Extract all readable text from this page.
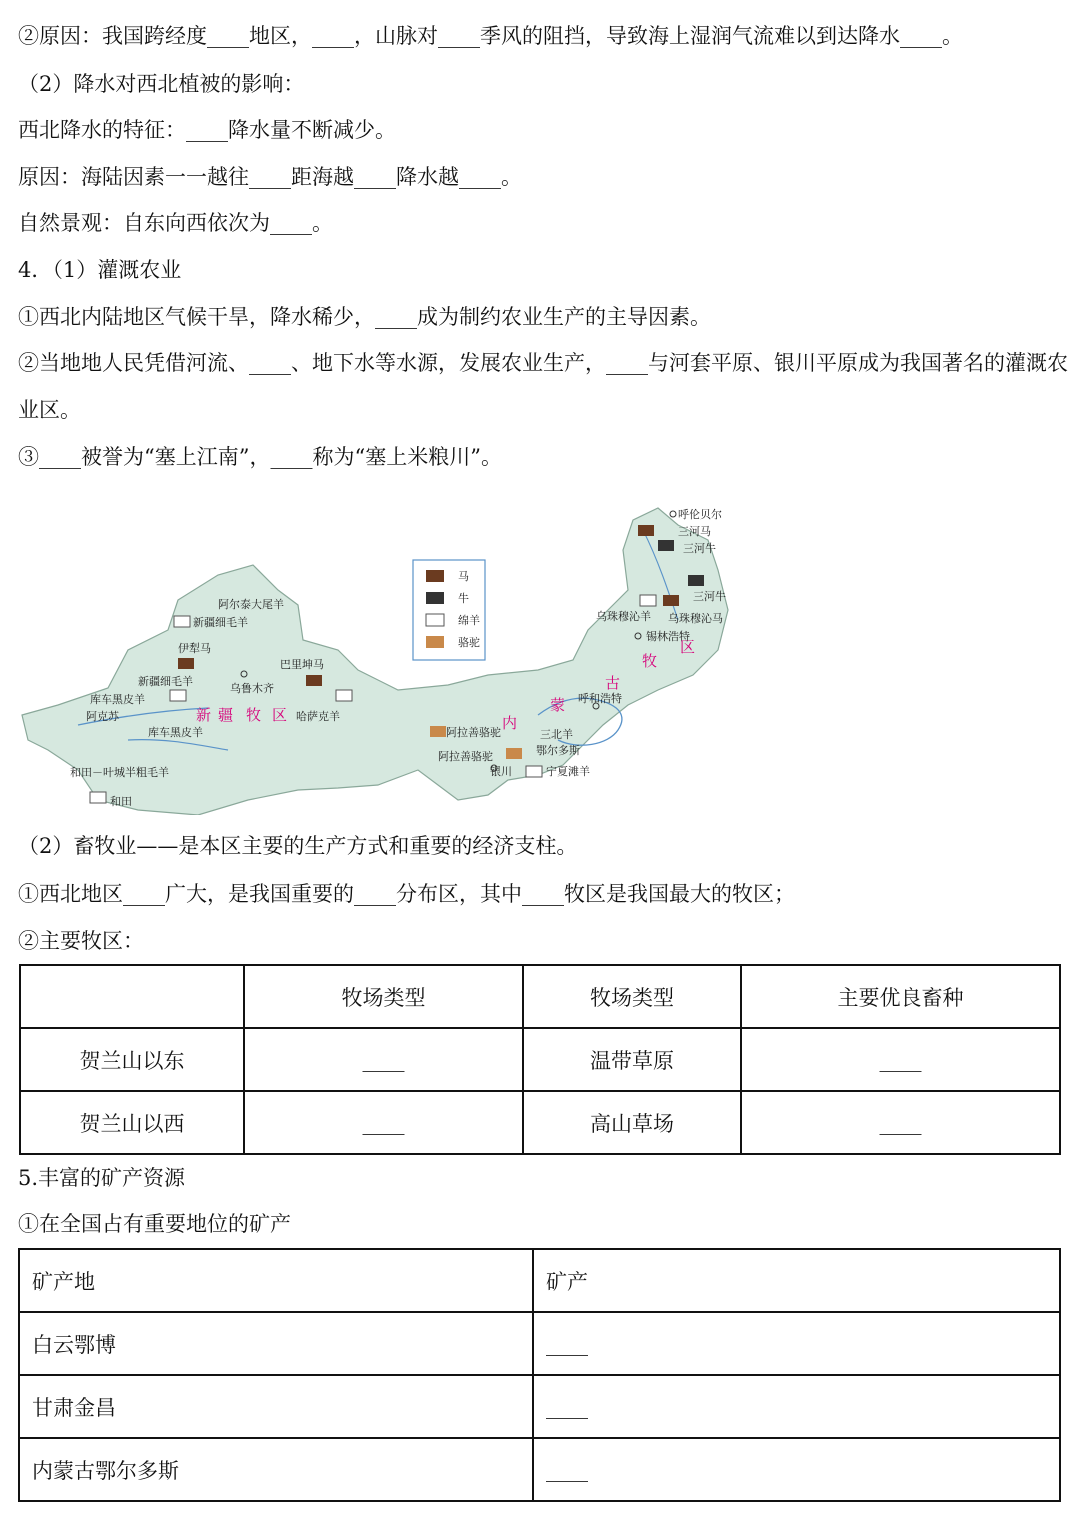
②原因：我国跨经度____地区，____，山脉对____季风的阻挡，导致海上湿润气流难以到达降水____。
（2）降水对西北植被的影响：
西北降水的特征：____降水量不断减少。
原因：海陆因素一一越往____距海越____降水越____。
自然景观：自东向西依次为____。
4．（1）灌溉农业
①西北内陆地区气候干旱，降水稀少，____成为制约农业生产的主导因素。
②当地地人民凭借河流、____、地下水等水源，发展农业生产，____与河套平原、银川平原成为我国著名的灌溉农
业区。
③____被誉为“塞上江南”，____称为“塞上米粮川”。
马
牛
绵羊
骆驼
呼伦贝尔
三河马
三河牛
三河牛
乌珠穆沁羊 乌珠穆沁马
锡林浩特
阿尔泰大尾羊
新疆细毛羊
伊犁马
新疆细毛羊
巴里坤马
乌鲁木齐
库车黑皮羊
阿克苏
库车黑皮羊
哈萨克羊
呼和浩特
阿拉善骆驼
阿拉善骆驼
三北羊
鄂尔多斯
银川	宁夏滩羊
和田－叶城半粗毛羊
和田
新 疆 牧 区	内
蒙
古
牧
区
（2）畜牧业——是本区主要的生产方式和重要的经济支柱。
①西北地区____广大，是我国重要的____分布区，其中____牧区是我国最大的牧区；
②主要牧区：
	牧场类型	牧场类型	主要优良畜种
贺兰山以东	____	温带草原	____
贺兰山以西	____	高山草场	____
5.丰富的矿产资源
①在全国占有重要地位的矿产
矿产地	矿产
白云鄂博	____
甘肃金昌	____
内蒙古鄂尔多斯	____
